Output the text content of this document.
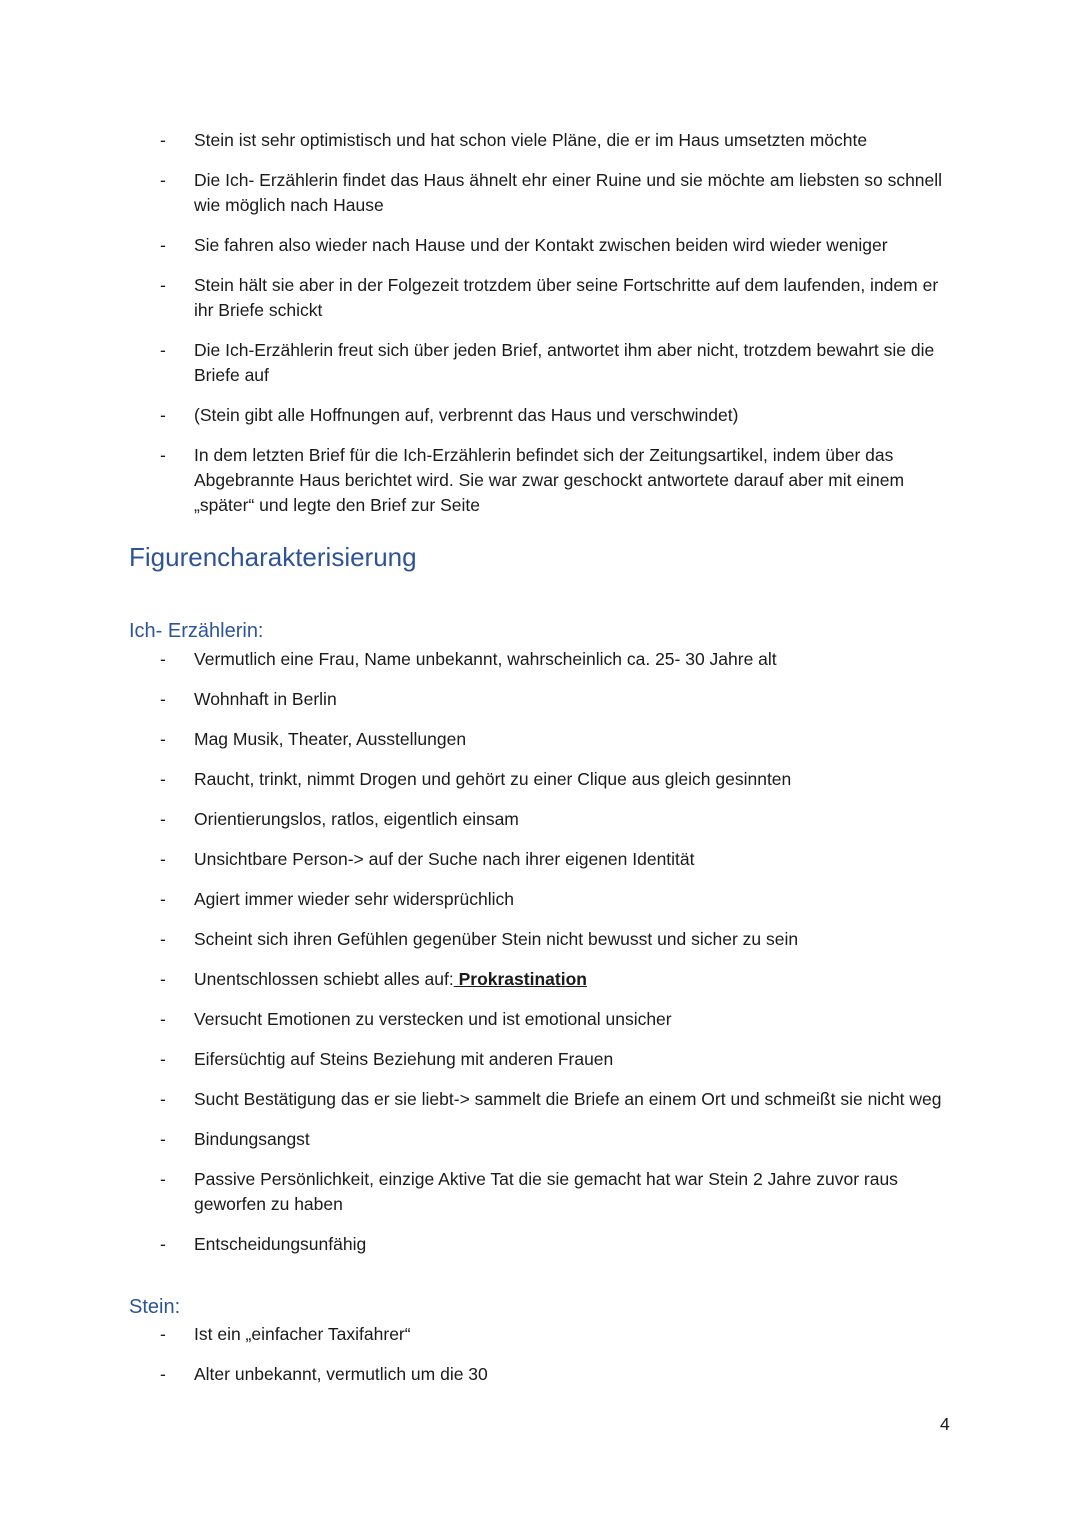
- Stein ist sehr optimistisch und hat schon viele Pläne, die er im Haus umsetzten möchte
- Die Ich- Erzählerin findet das Haus ähnelt ehr einer Ruine und sie möchte am liebsten so schnell wie möglich nach Hause
- Sie fahren also wieder nach Hause und der Kontakt zwischen beiden wird wieder weniger
- Stein hält sie aber in der Folgezeit trotzdem über seine Fortschritte auf dem laufenden, indem er ihr Briefe schickt
- Die Ich-Erzählerin freut sich über jeden Brief, antwortet ihm aber nicht, trotzdem bewahrt sie die Briefe auf
- (Stein gibt alle Hoffnungen auf, verbrennt das Haus und verschwindet)
- In dem letzten Brief für die Ich-Erzählerin befindet sich der Zeitungsartikel, indem über das Abgebrannte Haus berichtet wird. Sie war zwar geschockt antwortete darauf aber mit einem „später“ und legte den Brief zur Seite
Figurencharakterisierung
Ich- Erzählerin:
- Vermutlich eine Frau, Name unbekannt, wahrscheinlich ca. 25- 30 Jahre alt
- Wohnhaft in Berlin
- Mag Musik, Theater, Ausstellungen
- Raucht, trinkt, nimmt Drogen und gehört zu einer Clique aus gleich gesinnten
- Orientierungslos, ratlos, eigentlich einsam
- Unsichtbare Person-> auf der Suche nach ihrer eigenen Identität
- Agiert immer wieder sehr widersprüchlich
- Scheint sich ihren Gefühlen gegenüber Stein nicht bewusst und sicher zu sein
- Unentschlossen schiebt alles auf: Prokrastination
- Versucht Emotionen zu verstecken und ist emotional unsicher
- Eifersüchtig auf Steins Beziehung mit anderen Frauen
- Sucht Bestätigung das er sie liebt-> sammelt die Briefe an einem Ort und schmeißt sie nicht weg
- Bindungsangst
- Passive Persönlichkeit, einzige Aktive Tat die sie gemacht hat war Stein 2 Jahre zuvor raus geworfen zu haben
- Entscheidungsunfähig
Stein:
- Ist ein „einfacher Taxifahrer“
- Alter unbekannt, vermutlich um die 30
4
